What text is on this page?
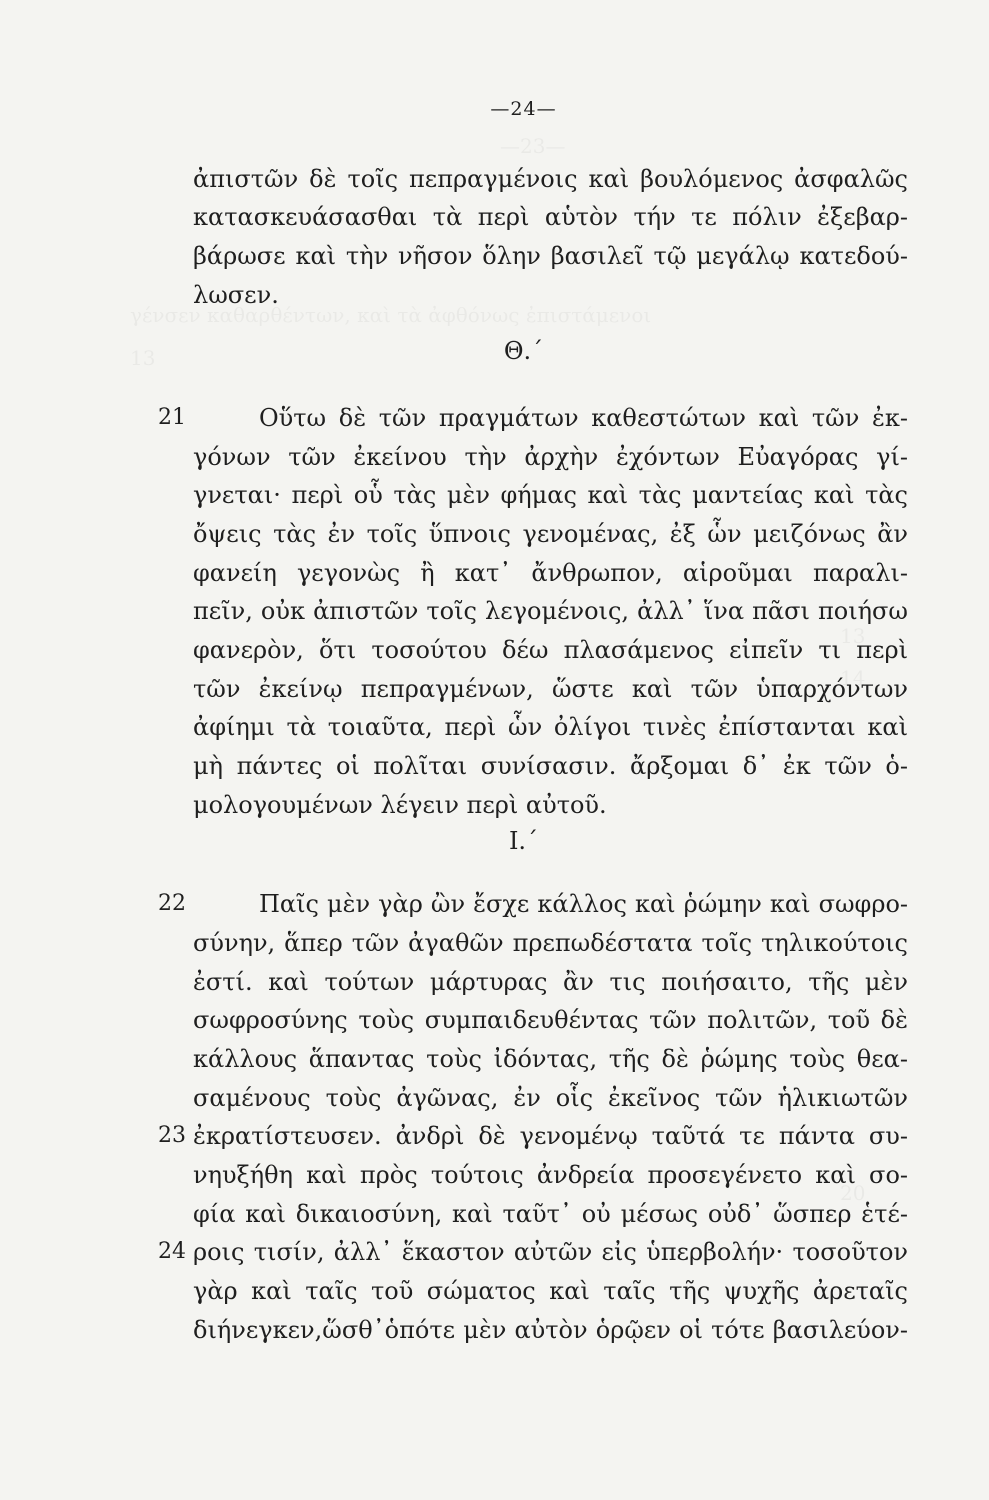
—24—
ἀπιστῶν δὲ τοῖς πεπραγμένοις καὶ βουλόμενος ἀσφαλῶς
κατασκευάσασθαι τὰ περὶ αὑτὸν τήν τε πόλιν ἐξεβαρ-
βάρωσε καὶ τὴν νῆσον ὅλην βασιλεῖ τῷ μεγάλῳ κατεδού-
λωσεν.
Θ.΄
21	Οὕτω δὲ τῶν πραγμάτων καθεστώτων καὶ τῶν ἐκ-
γόνων τῶν ἐκείνου τὴν ἀρχὴν ἐχόντων Εὐαγόρας γί-
γνεται· περὶ οὗ τὰς μὲν φήμας καὶ τὰς μαντείας καὶ τὰς
ὄψεις τὰς ἐν τοῖς ὕπνοις γενομένας, ἐξ ὧν μειζόνως ἂν
φανείη γεγονὼς ἢ κατ᾽ ἄνθρωπον, αἱροῦμαι παραλι-
πεῖν, οὐκ ἀπιστῶν τοῖς λεγομένοις, ἀλλ᾽ ἵνα πᾶσι ποιήσω
φανερὸν, ὅτι τοσούτου δέω πλασάμενος εἰπεῖν τι περὶ
τῶν ἐκείνῳ πεπραγμένων, ὥστε καὶ τῶν ὑπαρχόντων
ἀφίημι τὰ τοιαῦτα, περὶ ὧν ὀλίγοι τινὲς ἐπίστανται καὶ
μὴ πάντες οἱ πολῖται συνίσασιν. ἄρξομαι δ᾽ ἐκ τῶν ὁ-
μολογουμένων λέγειν περὶ αὐτοῦ.
Ι.΄
22	Παῖς μὲν γὰρ ὢν ἔσχε κάλλος καὶ ῥώμην καὶ σωφρο-
σύνην, ἅπερ τῶν ἀγαθῶν πρεπωδέστατα τοῖς τηλικούτοις
ἐστί. καὶ τούτων μάρτυρας ἂν τις ποιήσαιτο, τῆς μὲν
σωφροσύνης τοὺς συμπαιδευθέντας τῶν πολιτῶν, τοῦ δὲ
κάλλους ἅπαντας τοὺς ἰδόντας, τῆς δὲ ῥώμης τοὺς θεα-
σαμένους τοὺς ἀγῶνας, ἐν οἷς ἐκεῖνος τῶν ἡλικιωτῶν
23 ἐκρατίστευσεν. ἀνδρὶ δὲ γενομένῳ ταῦτά τε πάντα συ-
νηυξήθη καὶ πρὸς τούτοις ἀνδρεία προσεγένετο καὶ σο-
φία καὶ δικαιοσύνη, καὶ ταῦτ᾽ οὐ μέσως οὐδ᾽ ὥσπερ ἑτέ-
24 ροις τισίν, ἀλλ᾽ ἕκαστον αὐτῶν εἰς ὑπερβολήν· τοσοῦτον
γὰρ καὶ ταῖς τοῦ σώματος καὶ ταῖς τῆς ψυχῆς ἀρεταῖς
διήνεγκεν,ὥσθ᾽ὁπότε μὲν αὐτὸν ὁρῷεν οἱ τότε βασιλεύον-
